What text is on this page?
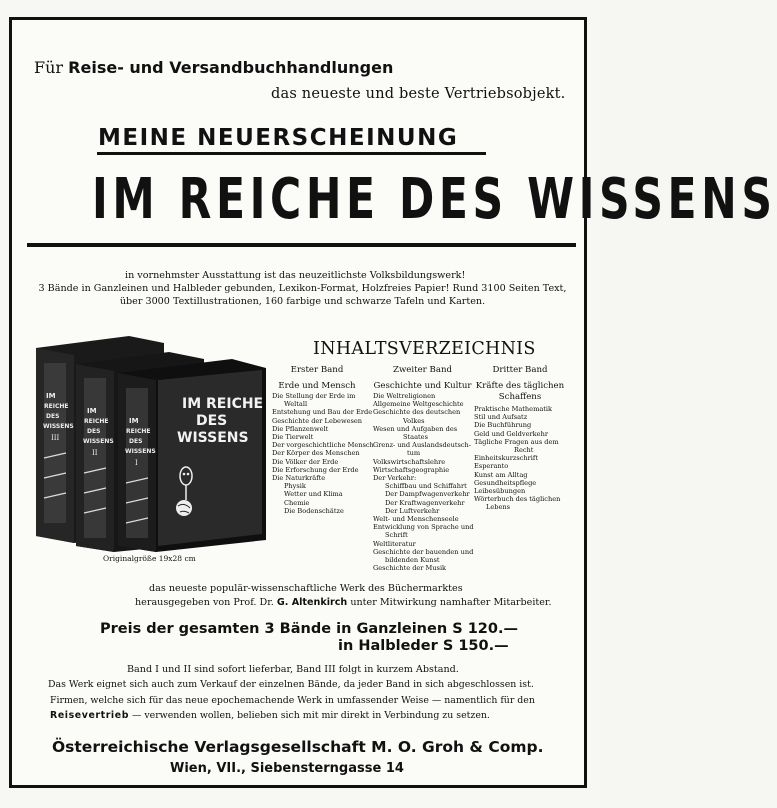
Für Reise- und Versandbuchhandlungen
das neueste und beste Vertriebsobjekt.
MEINE NEUERSCHEINUNG
IM REICHE DES WISSENS
in vornehmster Ausstattung ist das neuzeitlichste Volksbildungswerk!
3 Bände in Ganzleinen und Halbleder gebunden, Lexikon-Format, Holzfreies Papier! Rund 3100 Seiten Text,
über 3000 Textillustrationen, 160 farbige und schwarze Tafeln und Karten.
IM
REICHE
DES
WISSENS
III
IM
REICHE
DES
WISSENS
II
IM
REICHE
DES
WISSENS
I
IM REICHE
DES
WISSENS
Originalgröße 19x28 cm
INHALTSVERZEICHNIS
Erster Band
Erde und Mensch
Die Stellung der Erde im
Weltall
Entstehung und Bau der Erde
Geschichte der Lebewesen
Die Pflanzenwelt
Die Tierwelt
Der vorgeschichtliche Mensch
Der Körper des Menschen
Die Völker der Erde
Die Erforschung der Erde
Die Naturkräfte
Physik
Wetter und Klima
Chemie
Die Bodenschätze
Zweiter Band
Geschichte und Kultur
Die Weltreligionen
Allgemeine Weltgeschichte
Geschichte des deutschen
Volkes
Wesen und Aufgaben des
Staates
Grenz- und Auslandsdeutsch-
tum
Volkswirtschaftslehre
Wirtschaftsgeographie
Der Verkehr:
Schiffbau und Schiffahrt
Der Dampfwagenverkehr
Der Kraftwagenverkehr
Der Luftverkehr
Welt- und Menschenseele
Entwicklung von Sprache und
Schrift
Weltliteratur
Geschichte der bauenden und
bildenden Kunst
Geschichte der Musik
Dritter Band
Kräfte des täglichen
Schaffens
Praktische Mathematik
Stil und Aufsatz
Die Buchführung
Geld und Geldverkehr
Tägliche Fragen aus dem
Recht
Einheitskurzschrift
Esperanto
Kunst am Alltag
Gesundheitspflege
Leibesübungen
Wörterbuch des täglichen
Lebens
das neueste populär-wissenschaftliche Werk des Büchermarktes
herausgegeben von Prof. Dr. G. Altenkirch unter Mitwirkung namhafter Mitarbeiter.
Preis der gesamten 3 Bände in Ganzleinen S 120.—
in Halbleder S 150.—
Band I und II sind sofort lieferbar, Band III folgt in kurzem Abstand.
Das Werk eignet sich auch zum Verkauf der einzelnen Bände, da jeder Band in sich abgeschlossen ist.
Firmen, welche sich für das neue epochemachende Werk in umfassender Weise — namentlich für den
Reisevertrieb — verwenden wollen, belieben sich mit mir direkt in Verbindung zu setzen.
Österreichische Verlagsgesellschaft M. O. Groh & Comp.
Wien, VII., Siebensterngasse 14
